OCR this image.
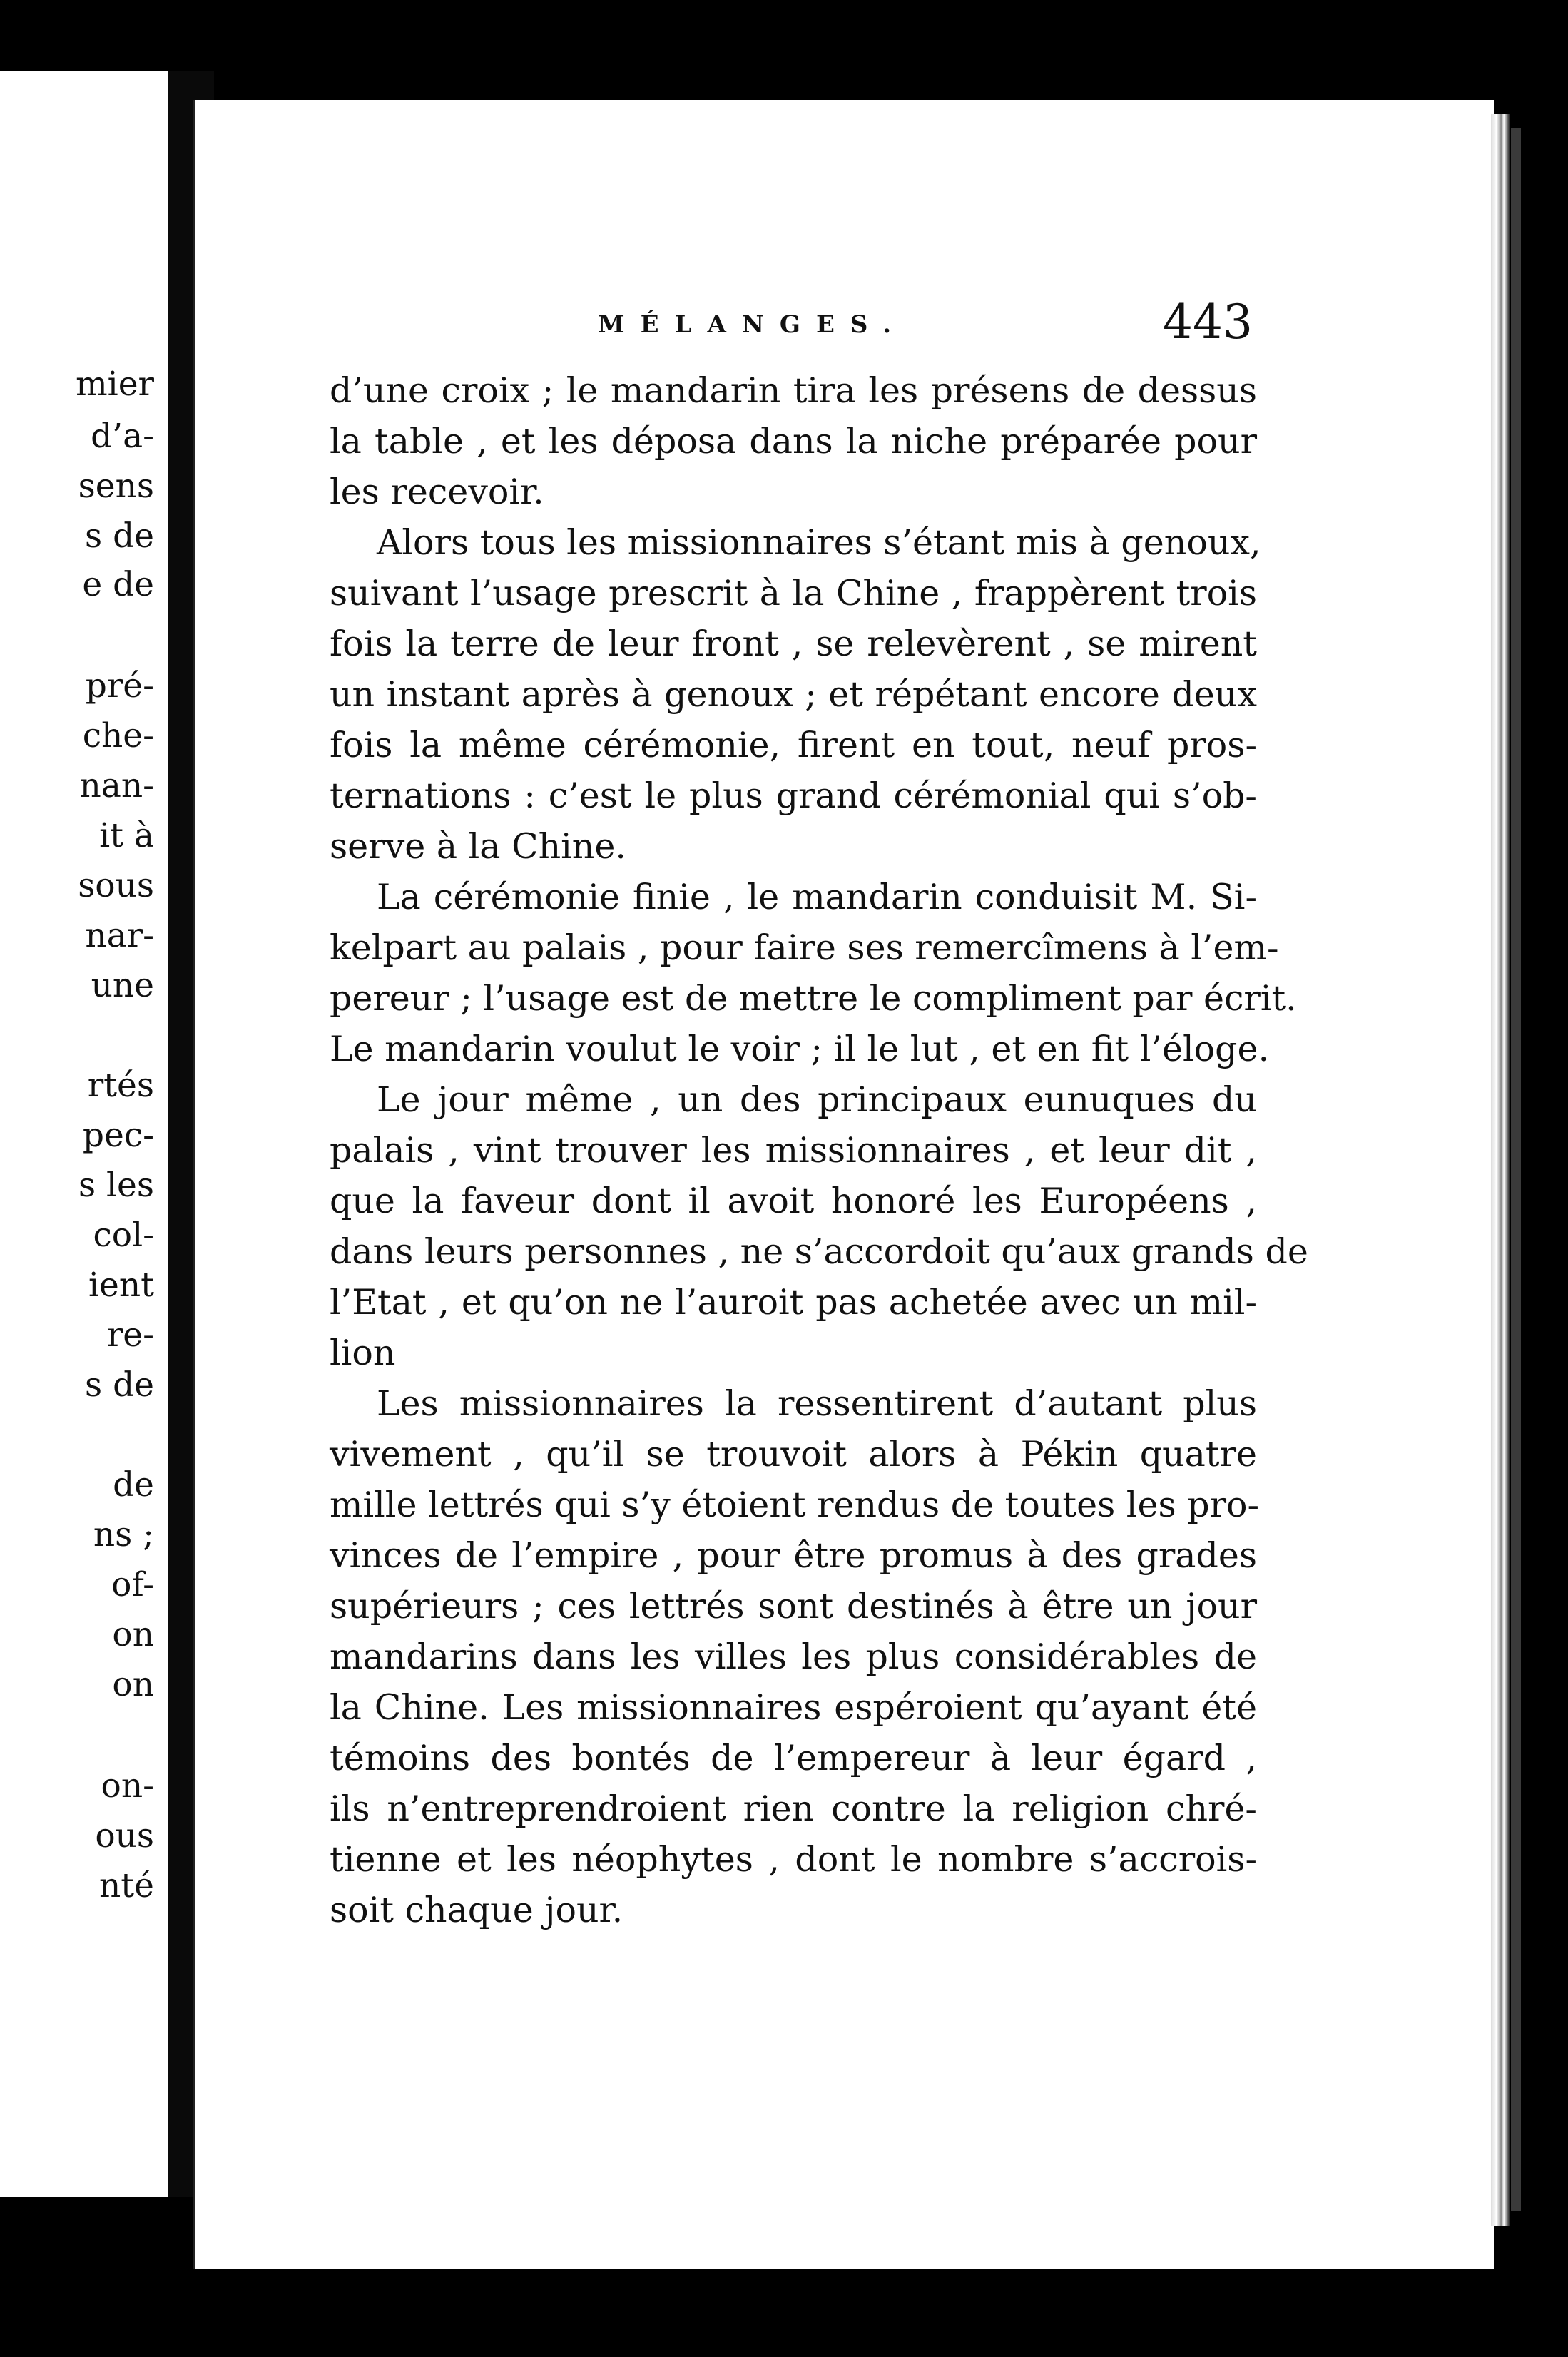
mier

d’a-

sens

s de

e de

pré-

che-

nan-

it à

sous

nar-

une

rtés

pec-

s les

col-

ient

re-

s de

de

ns ;

of-

on

on

on-

ous

nté

MÉLANGES.	443

d’une croix ; le mandarin tira les présens de dessus

la table , et les déposa dans la niche préparée pour

les recevoir.

Alors tous les missionnaires s’étant mis à genoux,

suivant l’usage prescrit à la Chine , frappèrent trois

fois la terre de leur front , se relevèrent , se mirent

un instant après à genoux ; et répétant encore deux

fois la même cérémonie, firent en tout, neuf pros-

ternations : c’est le plus grand cérémonial qui s’ob-

serve à la Chine.

La cérémonie finie , le mandarin conduisit M. Si-

kelpart au palais , pour faire ses remercîmens à l’em-

pereur ; l’usage est de mettre le compliment par écrit.

Le mandarin voulut le voir ; il le lut , et en fit l’éloge.

Le jour même , un des principaux eunuques du

palais , vint trouver les missionnaires , et leur dit ,

que la faveur dont il avoit honoré les Européens ,

dans leurs personnes , ne s’accordoit qu’aux grands de

l’Etat , et qu’on ne l’auroit pas achetée avec un mil-

lion

Les missionnaires la ressentirent d’autant plus

vivement , qu’il se trouvoit alors à Pékin quatre

mille lettrés qui s’y étoient rendus de toutes les pro-

vinces de l’empire , pour être promus à des grades

supérieurs ; ces lettrés sont destinés à être un jour

mandarins dans les villes les plus considérables de

la Chine. Les missionnaires espéroient qu’ayant été

témoins des bontés de l’empereur à leur égard ,

ils n’entreprendroient rien contre la religion chré-

tienne et les néophytes , dont le nombre s’accrois-

soit chaque jour.
